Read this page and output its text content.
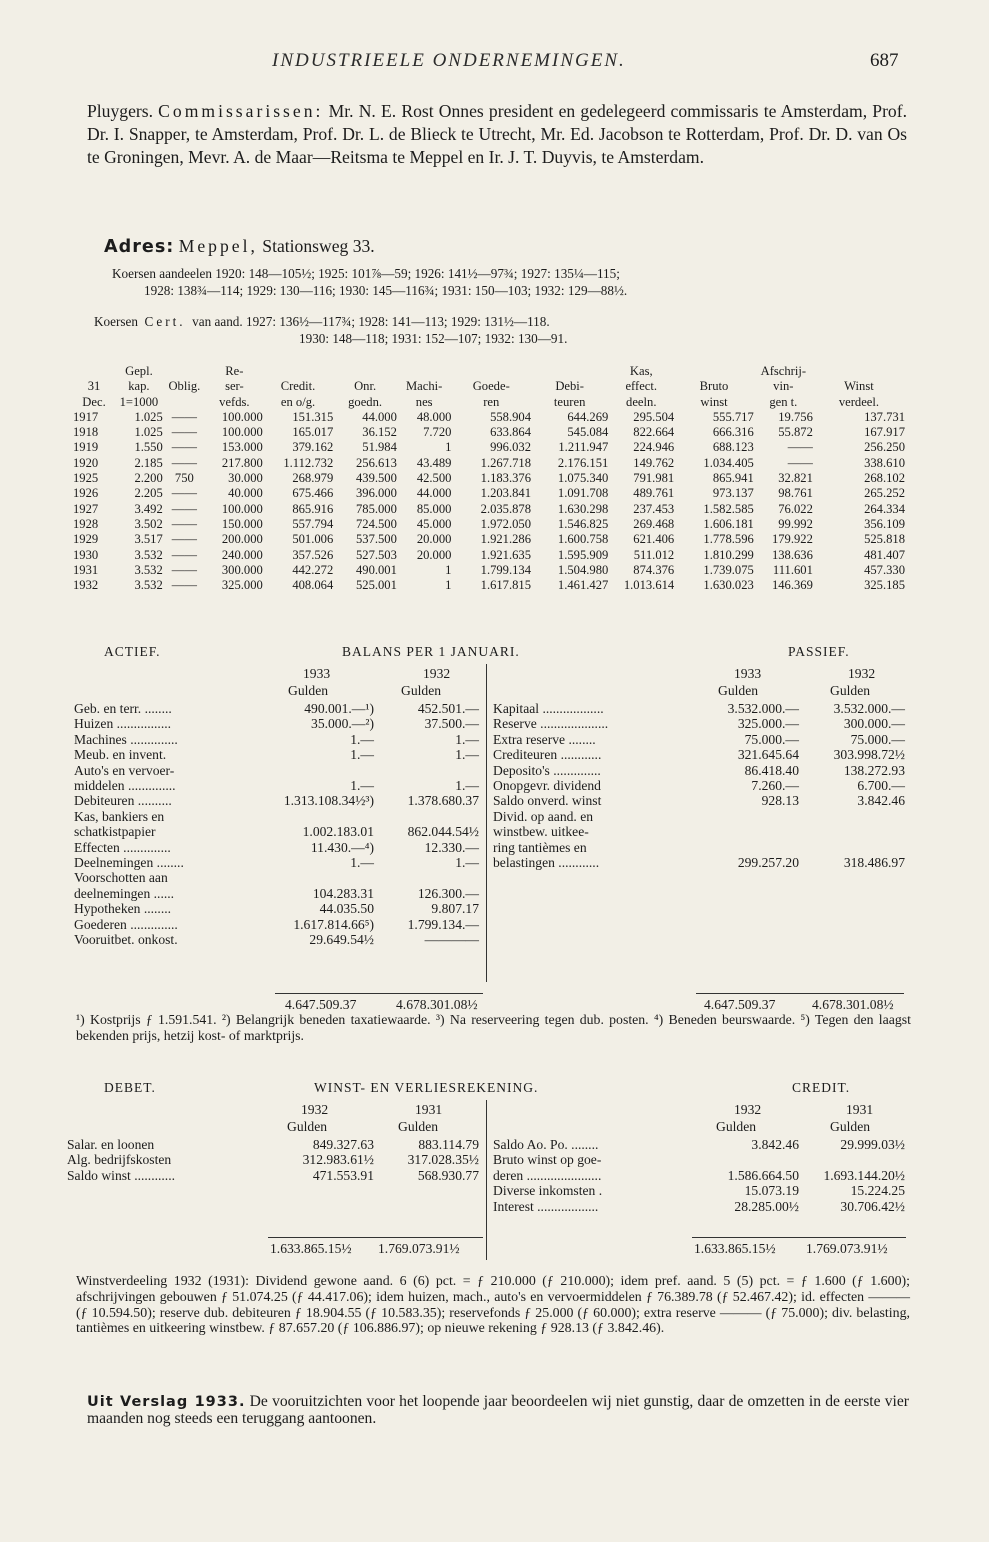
INDUSTRIEELE ONDERNEMINGEN.	687
Pluygers. Commissarissen: Mr. N. E. Rost Onnes president en gedelegeerd commissaris te Amsterdam, Prof. Dr. I. Snapper, te Amsterdam, Prof. Dr. L. de Blieck te Utrecht, Mr. Ed. Jacobson te Rotterdam, Prof. Dr. D. van Os te Groningen, Mevr. A. de Maar—Reitsma te Meppel en Ir. J. T. Duyvis, te Amsterdam.
Adres: Meppel, Stationsweg 33.
Koersen aandeelen 1920: 148—105½; 1925: 101⅞—59; 1926: 141½—97¾; 1927: 135¼—115;
1928: 138¾—114; 1929: 130—116; 1930: 145—116¾; 1931: 150—103; 1932: 129—88½.
Koersen Cert. van aand. 1927: 136½—117¾; 1928: 141—113; 1929: 131½—118.
1930: 148—118; 1931: 152—107; 1932: 130—91.
	Gepl.		Re-						Kas,		Afschrij-	
31	kap.	Oblig.	ser-	Credit.	Onr.	Machi-	Goede-	Debi-	effect.	Bruto	vin-	Winst
Dec.	1=1000		vefds.	en o/g.	goedn.	nes	ren	teuren	deeln.	winst	gen t.	verdeel.
1917	1.025	——	100.000	151.315	44.000	48.000	558.904	644.269	295.504	555.717	19.756	137.731
1918	1.025	——	100.000	165.017	36.152	7.720	633.864	545.084	822.664	666.316	55.872	167.917
1919	1.550	——	153.000	379.162	51.984	1	996.032	1.211.947	224.946	688.123	——	256.250
1920	2.185	——	217.800	1.112.732	256.613	43.489	1.267.718	2.176.151	149.762	1.034.405	——	338.610
1925	2.200	750	30.000	268.979	439.500	42.500	1.183.376	1.075.340	791.981	865.941	32.821	268.102
1926	2.205	——	40.000	675.466	396.000	44.000	1.203.841	1.091.708	489.761	973.137	98.761	265.252
1927	3.492	——	100.000	865.916	785.000	85.000	2.035.878	1.630.298	237.453	1.582.585	76.022	264.334
1928	3.502	——	150.000	557.794	724.500	45.000	1.972.050	1.546.825	269.468	1.606.181	99.992	356.109
1929	3.517	——	200.000	501.006	537.500	20.000	1.921.286	1.600.758	621.406	1.778.596	179.922	525.818
1930	3.532	——	240.000	357.526	527.503	20.000	1.921.635	1.595.909	511.012	1.810.299	138.636	481.407
1931	3.532	——	300.000	442.272	490.001	1	1.799.134	1.504.980	874.376	1.739.075	111.601	457.330
1932	3.532	——	325.000	408.064	525.001	1	1.617.815	1.461.427	1.013.614	1.630.023	146.369	325.185
ACTIEF.	BALANS PER 1 JANUARI.	PASSIEF.
1933	1932
Gulden	Gulden
1933	1932
Gulden	Gulden
Geb. en terr. ........	490.001.—¹)	452.501.—
Huizen ................	35.000.—²)	37.500.—
Machines ..............	1.—	1.—
Meub. en invent.	1.—	1.—
Auto's en vervoer-		
middelen ..............	1.—	1.—
Debiteuren ..........	1.313.108.34½³)	1.378.680.37
Kas, bankiers en		
schatkistpapier	1.002.183.01	862.044.54½
Effecten ..............	11.430.—⁴)	12.330.—
Deelnemingen ........	1.—	1.—
Voorschotten aan		
deelnemingen ......	104.283.31	126.300.—
Hypotheken ........	44.035.50	9.807.17
Goederen ..............	1.617.814.66⁵)	1.799.134.—
Vooruitbet. onkost.	29.649.54½	————
Kapitaal ..................	3.532.000.—	3.532.000.—
Reserve ....................	325.000.—	300.000.—
Extra reserve ........	75.000.—	75.000.—
Crediteuren ............	321.645.64	303.998.72½
Deposito's ..............	86.418.40	138.272.93
Onopgevr. dividend	7.260.—	6.700.—
Saldo onverd. winst	928.13	3.842.46
Divid. op aand. en		
winstbew. uitkee-		
ring tantièmes en		
belastingen ............	299.257.20	318.486.97
4.647.509.37	4.678.301.08½	4.647.509.37	4.678.301.08½
¹) Kostprijs ƒ 1.591.541. ²) Belangrijk beneden taxatiewaarde. ³) Na reserveering tegen dub. posten. ⁴) Beneden beurswaarde. ⁵) Tegen den laagst bekenden prijs, hetzij kost- of marktprijs.
DEBET.	WINST- EN VERLIESREKENING.	CREDIT.
1932	1931
Gulden	Gulden
1932	1931
Gulden	Gulden
Salar. en loonen	849.327.63	883.114.79
Alg. bedrijfskosten	312.983.61½	317.028.35½
Saldo winst ............	471.553.91	568.930.77
Saldo Ao. Po. ........	3.842.46	29.999.03½
Bruto winst op goe-		
deren ......................	1.586.664.50	1.693.144.20½
Diverse inkomsten .	15.073.19	15.224.25
Interest ..................	28.285.00½	30.706.42½
1.633.865.15½ 1.769.073.91½	1.633.865.15½ 1.769.073.91½
Winstverdeeling 1932 (1931): Dividend gewone aand. 6 (6) pct. = ƒ 210.000 (ƒ 210.000); idem pref. aand. 5 (5) pct. = ƒ 1.600 (ƒ 1.600); afschrijvingen gebouwen ƒ 51.074.25 (ƒ 44.417.06); idem huizen, mach., auto's en vervoermiddelen ƒ 76.389.78 (ƒ 52.467.42); id. effecten ——— (ƒ 10.594.50); reserve dub. debiteuren ƒ 18.904.55 (ƒ 10.583.35); reservefonds ƒ 25.000 (ƒ 60.000); extra reserve ——— (ƒ 75.000); div. belasting, tantièmes en uitkeering winstbew. ƒ 87.657.20 (ƒ 106.886.97); op nieuwe rekening ƒ 928.13 (ƒ 3.842.46).
Uit Verslag 1933. De vooruitzichten voor het loopende jaar beoordeelen wij niet gunstig, daar de omzetten in de eerste vier maanden nog steeds een teruggang aantoonen.
